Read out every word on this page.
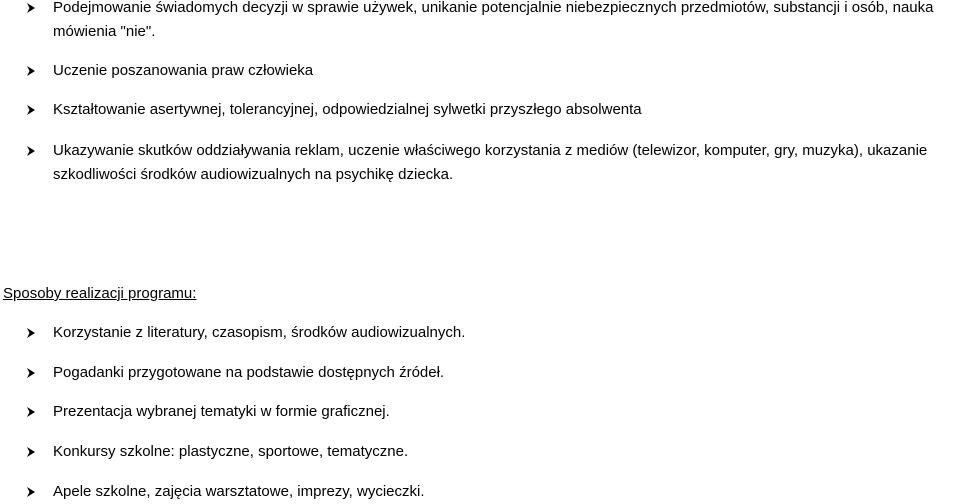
Podejmowanie świadomych decyzji w sprawie używek, unikanie potencjalnie niebezpiecznych przedmiotów, substancji i osób, nauka mówienia "nie".
Uczenie poszanowania praw człowieka
Kształtowanie asertywnej, tolerancyjnej, odpowiedzialnej sylwetki przyszłego absolwenta
Ukazywanie skutków oddziaływania reklam, uczenie właściwego korzystania z mediów (telewizor, komputer, gry, muzyka), ukazanie szkodliwości środków audiowizualnych na psychikę dziecka.
Sposoby realizacji programu:
Korzystanie z literatury, czasopism, środków audiowizualnych.
Pogadanki przygotowane na podstawie dostępnych źródeł.
Prezentacja wybranej tematyki w formie graficznej.
Konkursy szkolne: plastyczne, sportowe, tematyczne.
Apele szkolne, zajęcia warsztatowe, imprezy, wycieczki.
